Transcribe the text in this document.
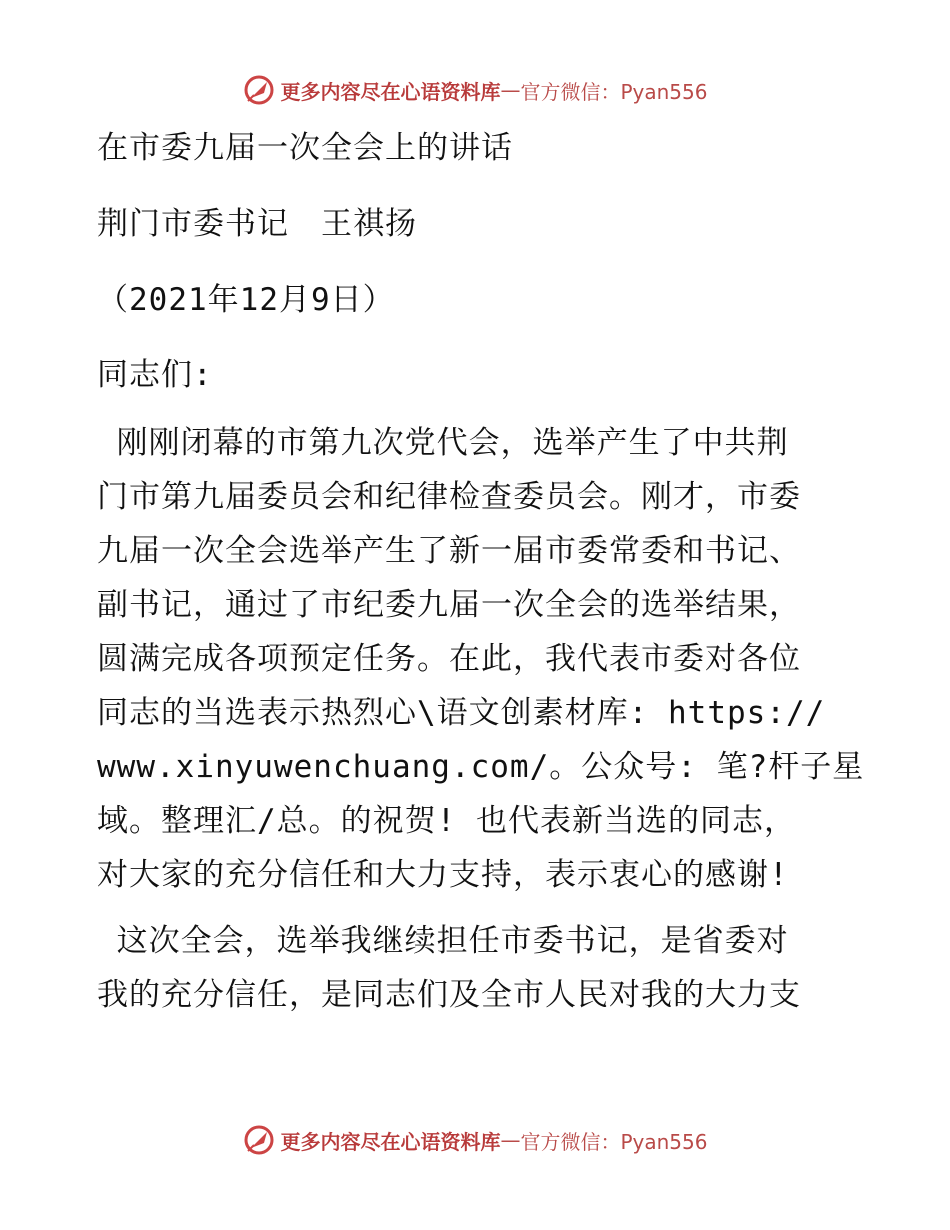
更多内容尽在心语资料库 — 官方微信：Pyan556
在市委九届一次全会上的讲话
荆门市委书记　王祺扬
（2021年12月9日）
同志们:
刚刚闭幕的市第九次党代会，选举产生了中共荆
门市第九届委员会和纪律检查委员会。刚才，市委
九届一次全会选举产生了新一届市委常委和书记、
副书记，通过了市纪委九届一次全会的选举结果，
圆满完成各项预定任务。在此，我代表市委对各位
同志的当选表示热烈心\语文创素材库: https://
www.xinyuwenchuang.com/。公众号: 笔?杆子星
域。整理汇/总。的祝贺! 也代表新当选的同志，
对大家的充分信任和大力支持，表示衷心的感谢!
这次全会，选举我继续担任市委书记，是省委对
我的充分信任，是同志们及全市人民对我的大力支
更多内容尽在心语资料库 — 官方微信：Pyan556
